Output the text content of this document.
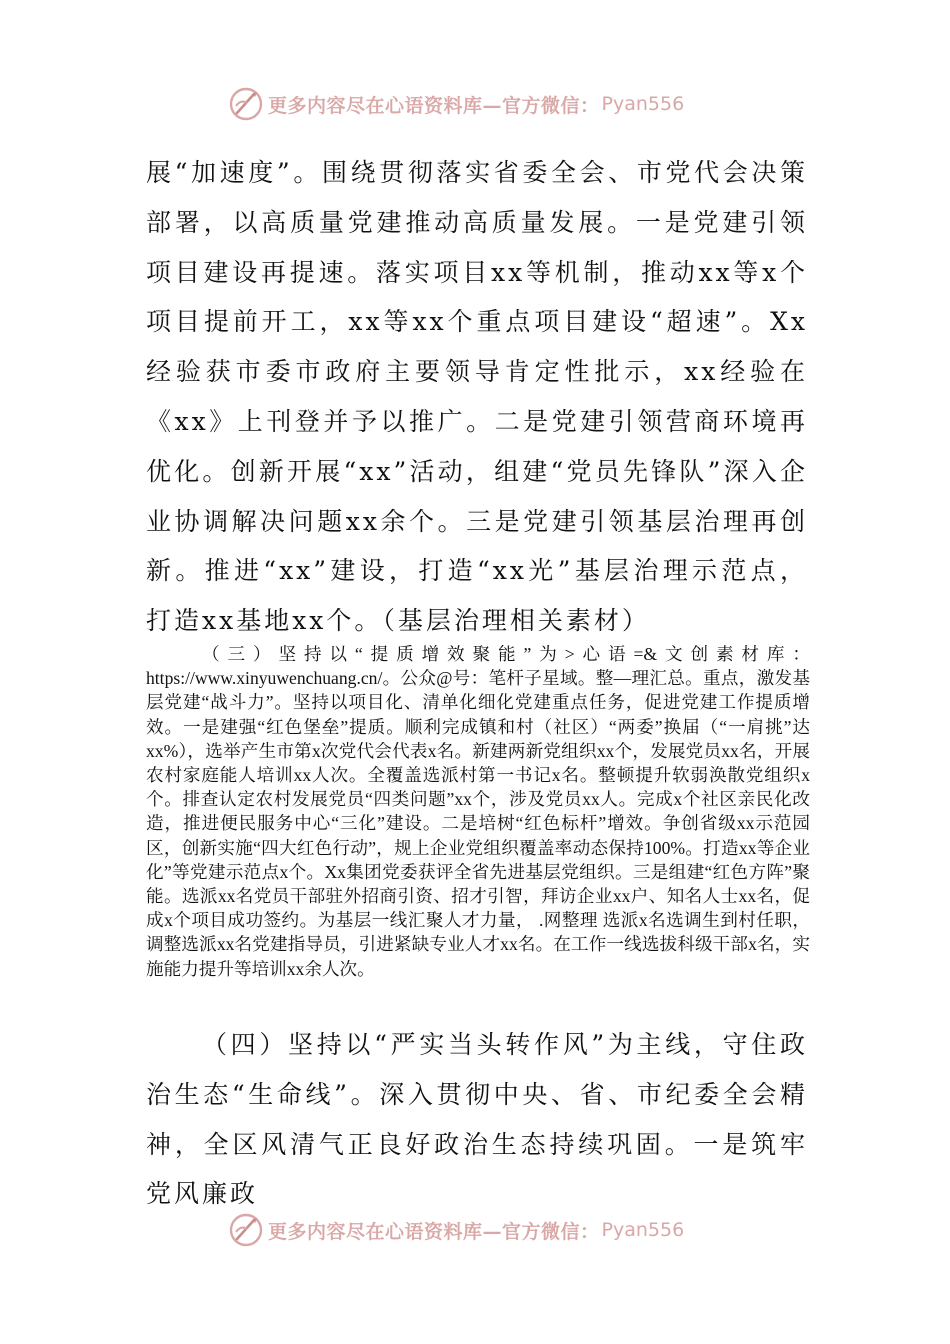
更多内容尽在心语资料库—官方微信： Pyan556

展“加速度”。围绕贯彻落实省委全会、市党代会决策部署，以高质量党建推动高质量发展。一是党建引领项目建设再提速。落实项目xx等机制，推动xx等x个项目提前开工，xx等xx个重点项目建设“超速”。Xx经验获市委市政府主要领导肯定性批示，xx经验在《xx》上刊登并予以推广。二是党建引领营商环境再优化。创新开展“xx”活动，组建“党员先锋队”深入企业协调解决问题xx余个。三是党建引领基层治理再创新。推进“xx”建设，打造“xx光”基层治理示范点，打造xx基地xx个。（基层治理相关素材）

（三）坚持以“提质增效聚能”为>心语=&文创素材库：https://www.xinyuwenchuang.cn/。公众@号：笔杆子星域。整—理汇总。重点，激发基层党建“战斗力”。坚持以项目化、清单化细化党建重点任务，促进党建工作提质增效。一是建强“红色堡垒”提质。顺利完成镇和村（社区）“两委”换届（“一肩挑”达xx%），选举产生市第x次党代会代表x名。新建两新党组织xx个，发展党员xx名，开展农村家庭能人培训xx人次。全覆盖选派村第一书记x名。整顿提升软弱涣散党组织x个。排查认定农村发展党员“四类问题”xx个，涉及党员xx人。完成x个社区亲民化改造，推进便民服务中心“三化”建设。二是培树“红色标杆”增效。争创省级xx示范园区，创新实施“四大红色行动”，规上企业党组织覆盖率动态保持100%。打造xx等企业化”等党建示范点x个。Xx集团党委获评全省先进基层党组织。三是组建“红色方阵”聚能。选派xx名党员干部驻外招商引资、招才引智，拜访企业xx户、知名人士xx名，促成x个项目成功签约。为基层一线汇聚人才力量， .网整理 选派x名选调生到村任职，调整选派xx名党建指导员，引进紧缺专业人才xx名。在工作一线选拔科级干部x名，实施能力提升等培训xx余人次。

（四）坚持以“严实当头转作风”为主线，守住政治生态“生命线”。深入贯彻中央、省、市纪委全会精神，全区风清气正良好政治生态持续巩固。一是筑牢党风廉政

更多内容尽在心语资料库—官方微信： Pyan556
